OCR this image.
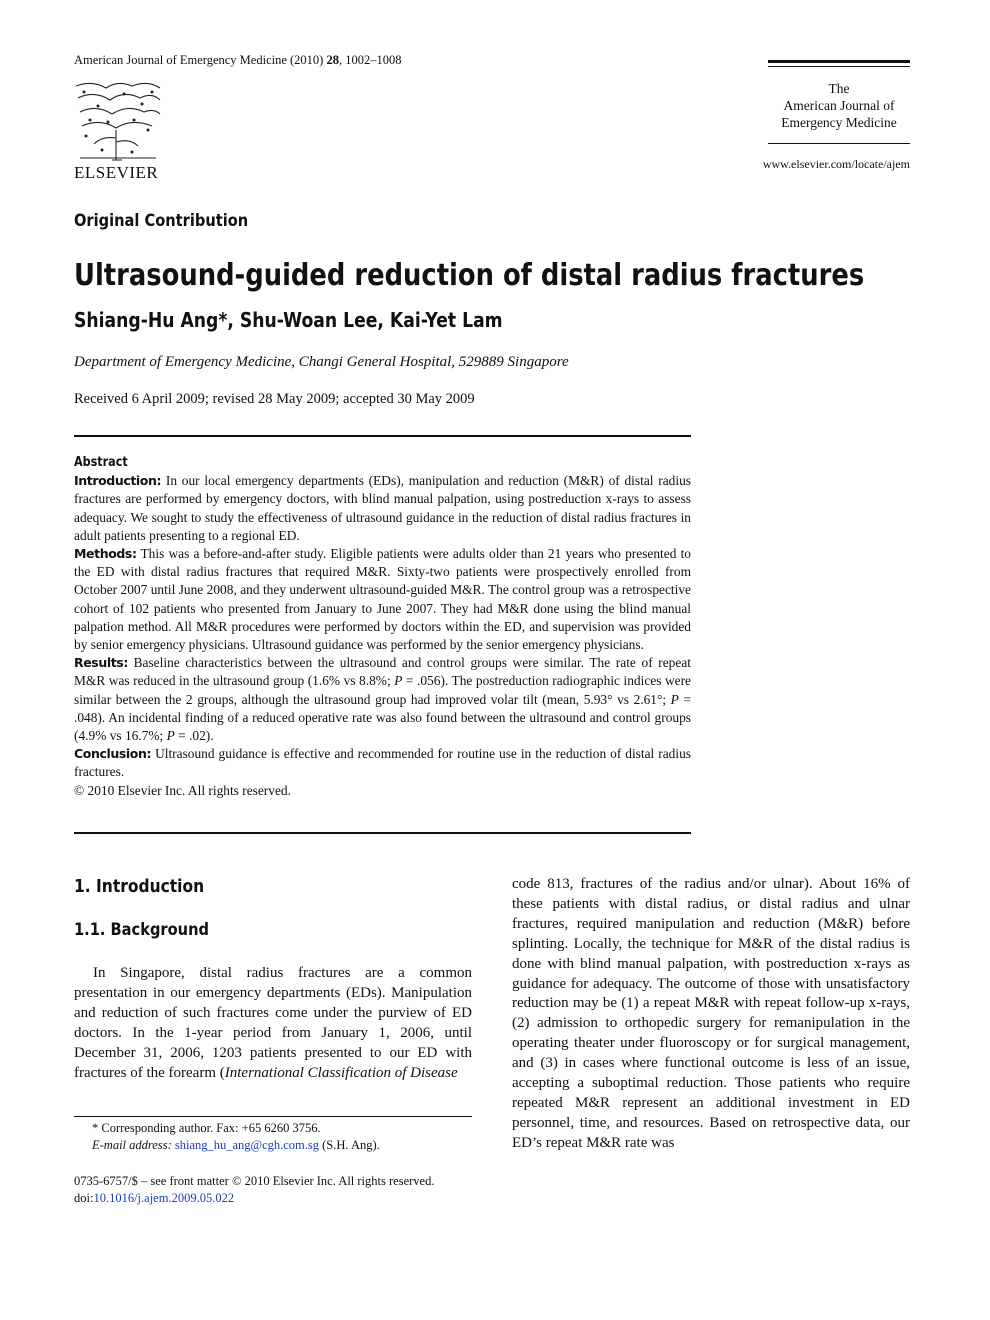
American Journal of Emergency Medicine (2010) 28, 1002–1008
ELSEVIER
The
American Journal of
Emergency Medicine
www.elsevier.com/locate/ajem
Original Contribution
Ultrasound-guided reduction of distal radius fractures
Shiang-Hu Ang*, Shu-Woan Lee, Kai-Yet Lam
Department of Emergency Medicine, Changi General Hospital, 529889 Singapore
Received 6 April 2009; revised 28 May 2009; accepted 30 May 2009
Abstract

Introduction: In our local emergency departments (EDs), manipulation and reduction (M&R) of distal radius fractures are performed by emergency doctors, with blind manual palpation, using postreduction x-rays to assess adequacy. We sought to study the effectiveness of ultrasound guidance in the reduction of distal radius fractures in adult patients presenting to a regional ED.

Methods: This was a before-and-after study. Eligible patients were adults older than 21 years who presented to the ED with distal radius fractures that required M&R. Sixty-two patients were prospectively enrolled from October 2007 until June 2008, and they underwent ultrasound-guided M&R. The control group was a retrospective cohort of 102 patients who presented from January to June 2007. They had M&R done using the blind manual palpation method. All M&R procedures were performed by doctors within the ED, and supervision was provided by senior emergency physicians. Ultrasound guidance was performed by the senior emergency physicians.

Results: Baseline characteristics between the ultrasound and control groups were similar. The rate of repeat M&R was reduced in the ultrasound group (1.6% vs 8.8%; P = .056). The postreduction radiographic indices were similar between the 2 groups, although the ultrasound group had improved volar tilt (mean, 5.93° vs 2.61°; P = .048). An incidental finding of a reduced operative rate was also found between the ultrasound and control groups (4.9% vs 16.7%; P = .02).

Conclusion: Ultrasound guidance is effective and recommended for routine use in the reduction of distal radius fractures.

© 2010 Elsevier Inc. All rights reserved.

1. Introduction
1.1. Background

In Singapore, distal radius fractures are a common presentation in our emergency departments (EDs). Manipulation and reduction of such fractures come under the purview of ED doctors. In the 1-year period from January 1, 2006, until December 31, 2006, 1203 patients presented to our ED with fractures of the forearm (International Classification of Disease

code 813, fractures of the radius and/or ulnar). About 16% of these patients with distal radius, or distal radius and ulnar fractures, required manipulation and reduction (M&R) before splinting. Locally, the technique for M&R of the distal radius is done with blind manual palpation, with postreduction x-rays as guidance for adequacy. The outcome of those with unsatisfactory reduction may be (1) a repeat M&R with repeat follow-up x-rays, (2) admission to orthopedic surgery for remanipulation in the operating theater under fluoroscopy or for surgical management, and (3) in cases where functional outcome is less of an issue, accepting a suboptimal reduction. Those patients who require repeated M&R represent an additional investment in ED personnel, time, and resources. Based on retrospective data, our ED’s repeat M&R rate was

* Corresponding author. Fax: +65 6260 3756.
E-mail address: shiang_hu_ang@cgh.com.sg (S.H. Ang).
0735-6757/$ – see front matter © 2010 Elsevier Inc. All rights reserved.
doi:10.1016/j.ajem.2009.05.022
